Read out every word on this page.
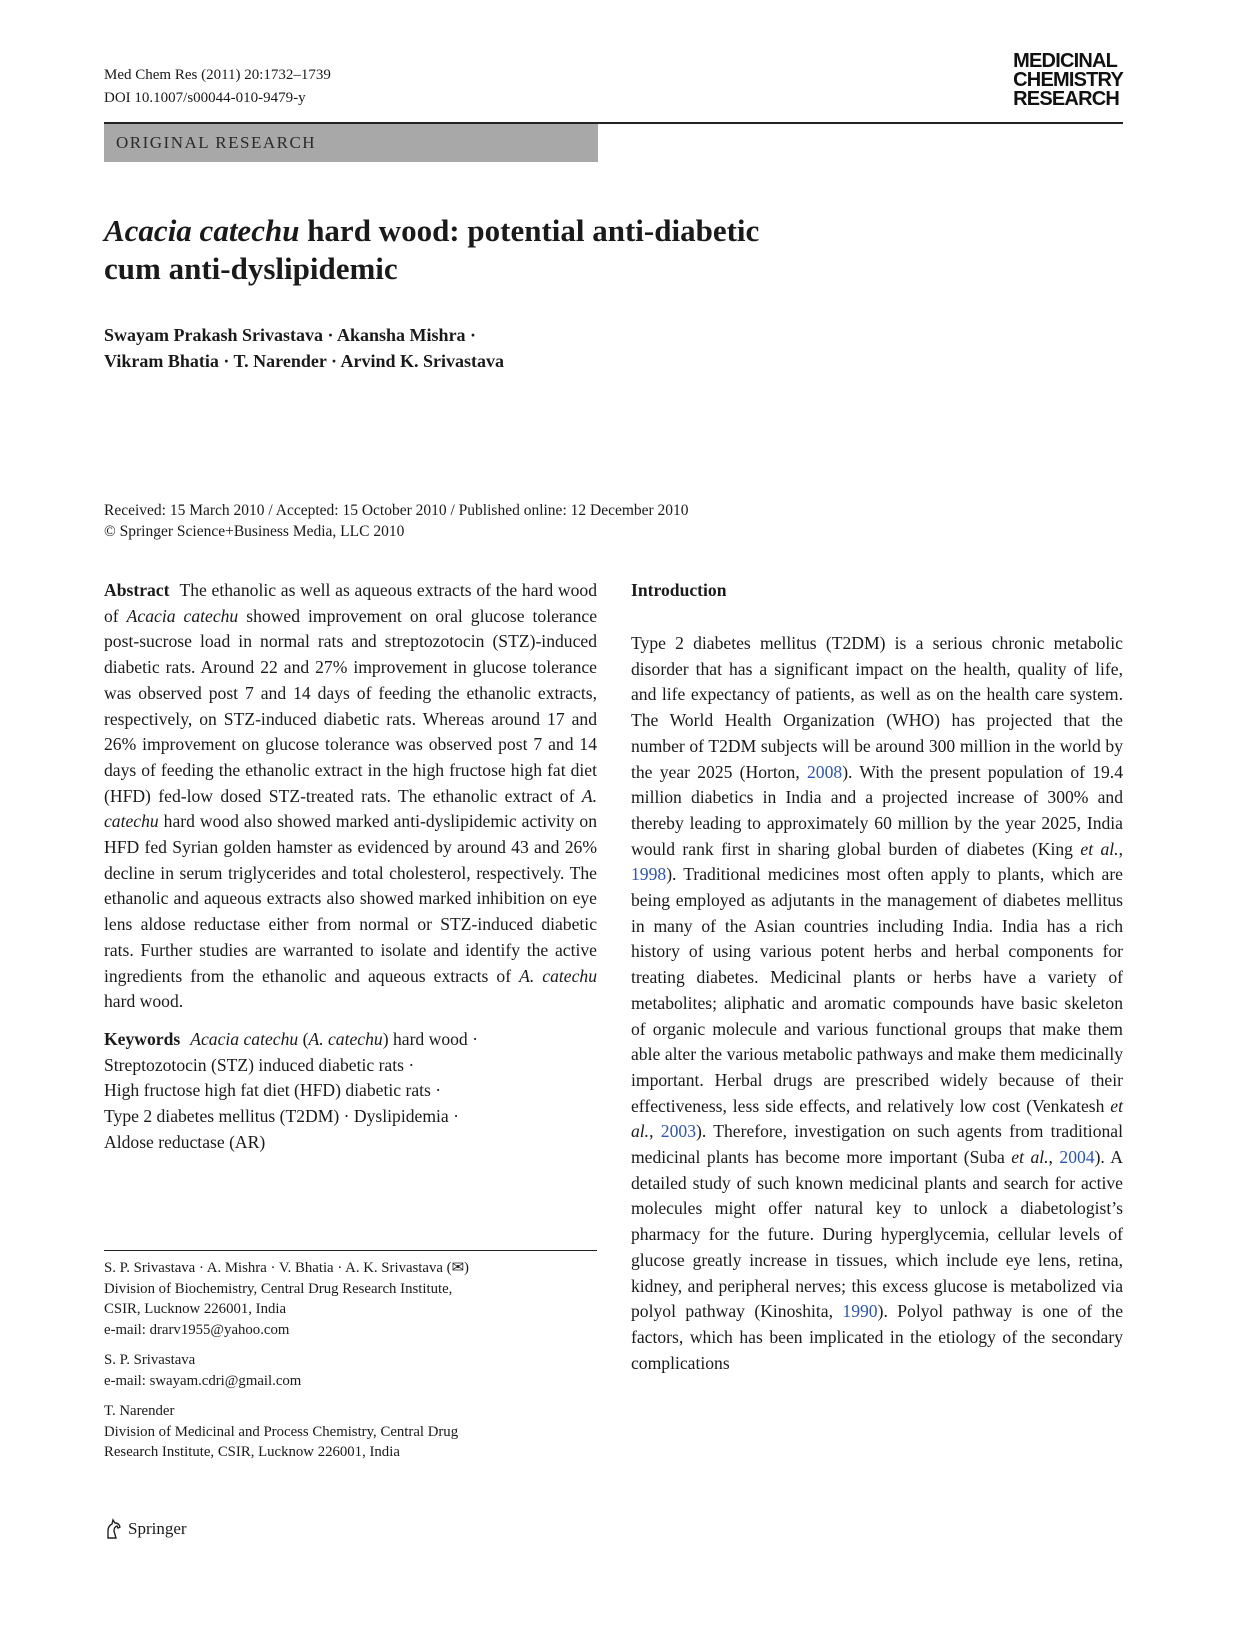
Med Chem Res (2011) 20:1732–1739
DOI 10.1007/s00044-010-9479-y
MEDICINAL
CHEMISTRY
RESEARCH
ORIGINAL RESEARCH
Acacia catechu hard wood: potential anti-diabetic
cum anti-dyslipidemic
Swayam Prakash Srivastava · Akansha Mishra ·
Vikram Bhatia · T. Narender · Arvind K. Srivastava
Received: 15 March 2010 / Accepted: 15 October 2010 / Published online: 12 December 2010
© Springer Science+Business Media, LLC 2010

Abstract The ethanolic as well as aqueous extracts of the hard wood of Acacia catechu showed improvement on oral glucose tolerance post-sucrose load in normal rats and streptozotocin (STZ)-induced diabetic rats. Around 22 and 27% improvement in glucose tolerance was observed post 7 and 14 days of feeding the ethanolic extracts, respectively, on STZ-induced diabetic rats. Whereas around 17 and 26% improvement on glucose tolerance was observed post 7 and 14 days of feeding the ethanolic extract in the high fructose high fat diet (HFD) fed-low dosed STZ-treated rats. The ethanolic extract of A. catechu hard wood also showed marked anti-dyslipidemic activity on HFD fed Syrian golden hamster as evidenced by around 43 and 26% decline in serum triglycerides and total cholesterol, respectively. The ethanolic and aqueous extracts also showed marked inhibition on eye lens aldose reductase either from normal or STZ-induced diabetic rats. Further studies are warranted to isolate and identify the active ingredients from the ethanolic and aqueous extracts of A. catechu hard wood.

Keywords Acacia catechu (A. catechu) hard wood ·
Streptozotocin (STZ) induced diabetic rats ·
High fructose high fat diet (HFD) diabetic rats ·
Type 2 diabetes mellitus (T2DM) · Dyslipidemia ·
Aldose reductase (AR)
S. P. Srivastava · A. Mishra · V. Bhatia · A. K. Srivastava (✉)
Division of Biochemistry, Central Drug Research Institute,
CSIR, Lucknow 226001, India
e-mail: drarv1955@yahoo.com
S. P. Srivastava
e-mail: swayam.cdri@gmail.com
T. Narender
Division of Medicinal and Process Chemistry, Central Drug
Research Institute, CSIR, Lucknow 226001, India
Introduction

Type 2 diabetes mellitus (T2DM) is a serious chronic metabolic disorder that has a significant impact on the health, quality of life, and life expectancy of patients, as well as on the health care system. The World Health Organization (WHO) has projected that the number of T2DM subjects will be around 300 million in the world by the year 2025 (Horton, 2008). With the present population of 19.4 million diabetics in India and a projected increase of 300% and thereby leading to approximately 60 million by the year 2025, India would rank first in sharing global burden of diabetes (King et al., 1998). Traditional medicines most often apply to plants, which are being employed as adjutants in the management of diabetes mellitus in many of the Asian countries including India. India has a rich history of using various potent herbs and herbal components for treating diabetes. Medicinal plants or herbs have a variety of metabolites; aliphatic and aromatic compounds have basic skeleton of organic molecule and various functional groups that make them able alter the various metabolic pathways and make them medicinally important. Herbal drugs are prescribed widely because of their effectiveness, less side effects, and relatively low cost (Venkatesh et al., 2003). Therefore, investigation on such agents from traditional medicinal plants has become more important (Suba et al., 2004). A detailed study of such known medicinal plants and search for active molecules might offer natural key to unlock a diabetologist’s pharmacy for the future. During hyperglycemia, cellular levels of glucose greatly increase in tissues, which include eye lens, retina, kidney, and peripheral nerves; this excess glucose is metabolized via polyol pathway (Kinoshita, 1990). Polyol pathway is one of the factors, which has been implicated in the etiology of the secondary complications

Springer
